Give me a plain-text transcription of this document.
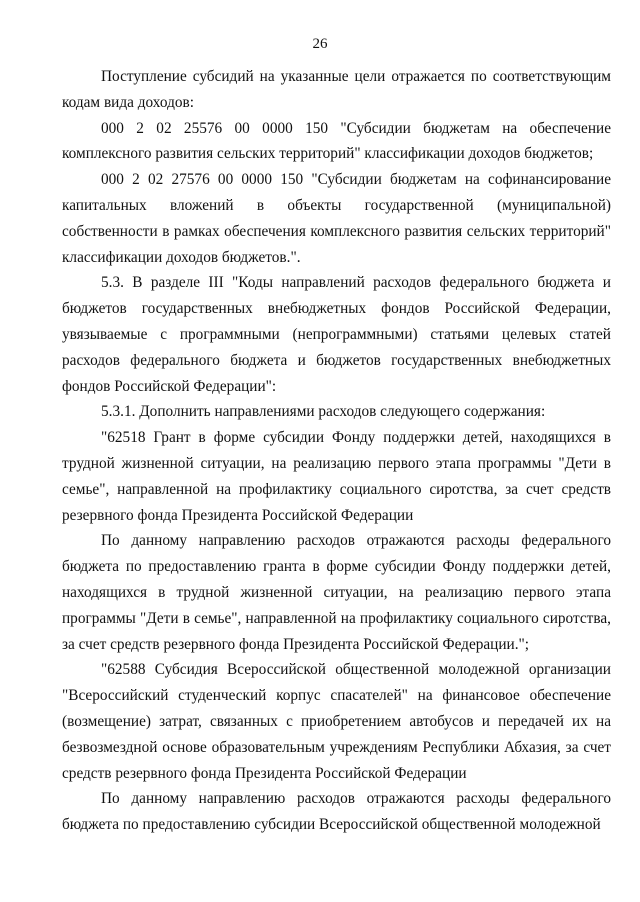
26

Поступление субсидий на указанные цели отражается по соответствующим кодам вида доходов:

000 2 02 25576 00 0000 150 "Субсидии бюджетам на обеспечение комплексного развития сельских территорий" классификации доходов бюджетов;

000 2 02 27576 00 0000 150 "Субсидии бюджетам на софинансирование капитальных вложений в объекты государственной (муниципальной) собственности в рамках обеспечения комплексного развития сельских территорий" классификации доходов бюджетов.".

5.3. В разделе III "Коды направлений расходов федерального бюджета и бюджетов государственных внебюджетных фондов Российской Федерации, увязываемые с программными (непрограммными) статьями целевых статей расходов федерального бюджета и бюджетов государственных внебюджетных фондов Российской Федерации":

5.3.1. Дополнить направлениями расходов следующего содержания:

"62518 Грант в форме субсидии Фонду поддержки детей, находящихся в трудной жизненной ситуации, на реализацию первого этапа программы "Дети в семье", направленной на профилактику социального сиротства, за счет средств резервного фонда Президента Российской Федерации

По данному направлению расходов отражаются расходы федерального бюджета по предоставлению гранта в форме субсидии Фонду поддержки детей, находящихся в трудной жизненной ситуации, на реализацию первого этапа программы "Дети в семье", направленной на профилактику социального сиротства, за счет средств резервного фонда Президента Российской Федерации.";

"62588 Субсидия Всероссийской общественной молодежной организации "Всероссийский студенческий корпус спасателей" на финансовое обеспечение (возмещение) затрат, связанных с приобретением автобусов и передачей их на безвозмездной основе образовательным учреждениям Республики Абхазия, за счет средств резервного фонда Президента Российской Федерации

По данному направлению расходов отражаются расходы федерального бюджета по предоставлению субсидии Всероссийской общественной молодежной
